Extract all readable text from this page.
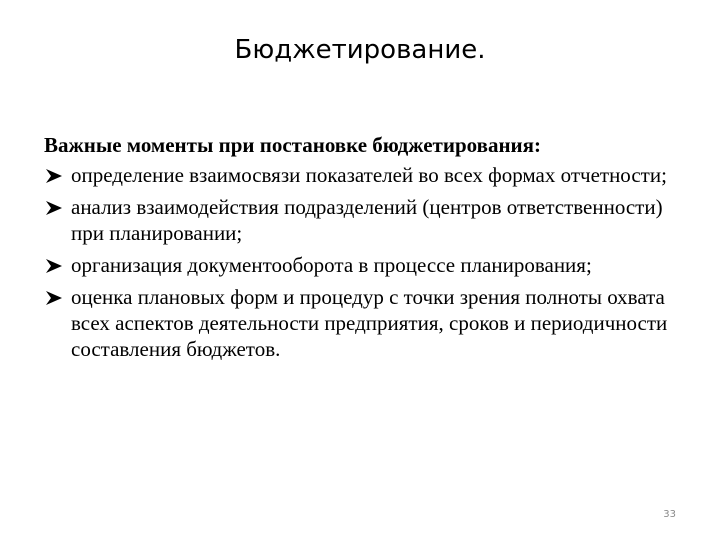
Бюджетирование.
Важные моменты при постановке бюджетирования:
определение взаимосвязи показателей во всех формах отчетности;
анализ взаимодействия подразделений (центров ответственности) при планировании;
организация документооборота в процессе планирования;
оценка плановых форм и процедур с точки зрения полноты охвата всех аспектов деятельности предприятия, сроков и периодичности составления бюджетов.
33
